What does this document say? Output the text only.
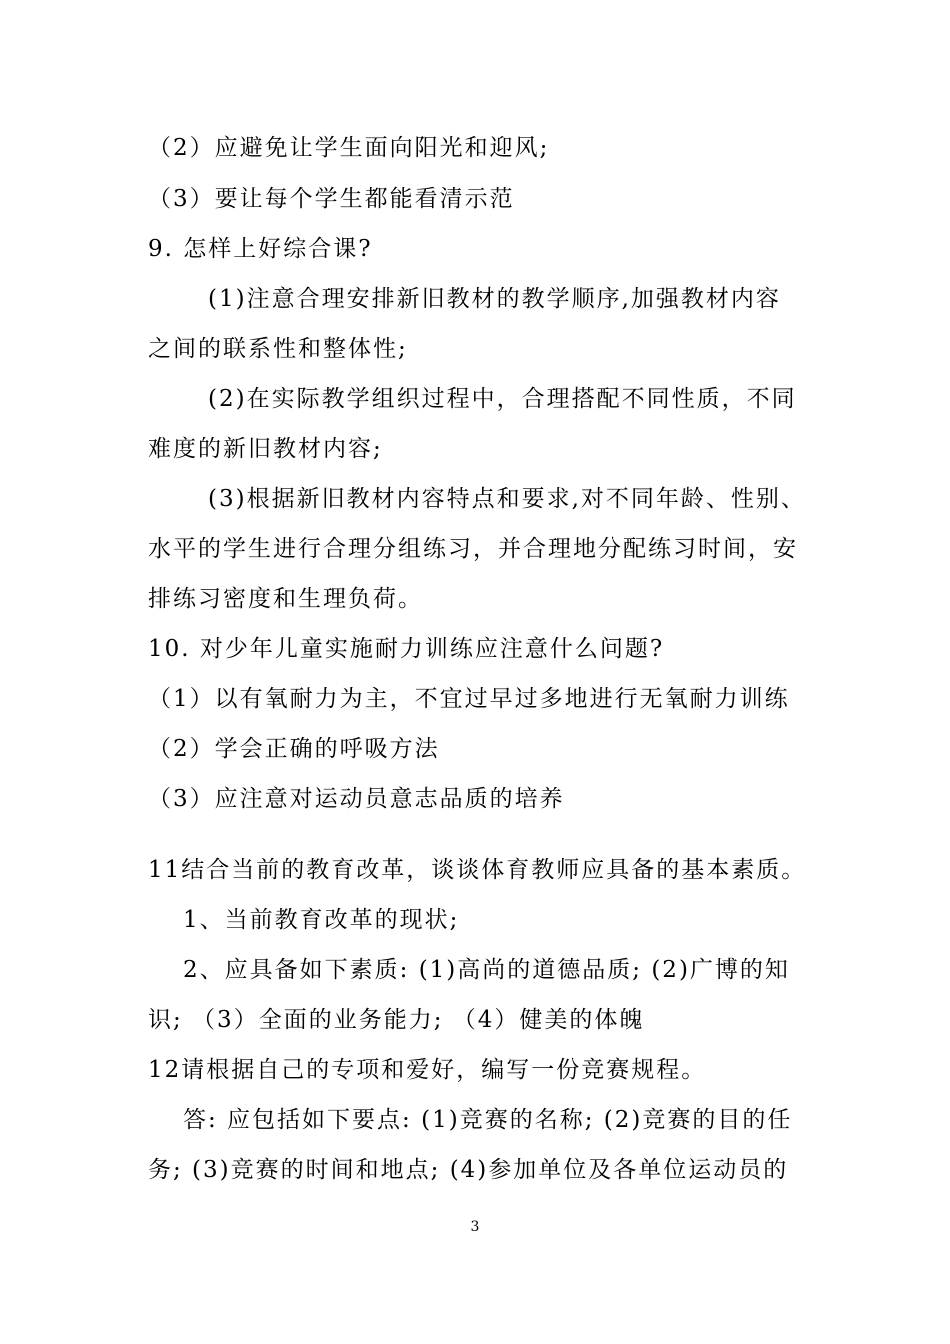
（2）应避免让学生面向阳光和迎风;
（3）要让每个学生都能看清示范
9. 怎样上好综合课?
(1)注意合理安排新旧教材的教学顺序,加强教材内容
之间的联系性和整体性;
(2)在实际教学组织过程中，合理搭配不同性质，不同
难度的新旧教材内容;
(3)根据新旧教材内容特点和要求,对不同年龄、性别、
水平的学生进行合理分组练习，并合理地分配练习时间，安
排练习密度和生理负荷。
10. 对少年儿童实施耐力训练应注意什么问题?
（1）以有氧耐力为主，不宜过早过多地进行无氧耐力训练
（2）学会正确的呼吸方法
（3）应注意对运动员意志品质的培养
11结合当前的教育改革，谈谈体育教师应具备的基本素质。
1、当前教育改革的现状;
2、应具备如下素质: (1)高尚的道德品质; (2)广博的知
识; （3）全面的业务能力; （4）健美的体魄
12请根据自己的专项和爱好，编写一份竞赛规程。
答: 应包括如下要点: (1)竞赛的名称; (2)竞赛的目的任
务; (3)竞赛的时间和地点; (4)参加单位及各单位运动员的
3
